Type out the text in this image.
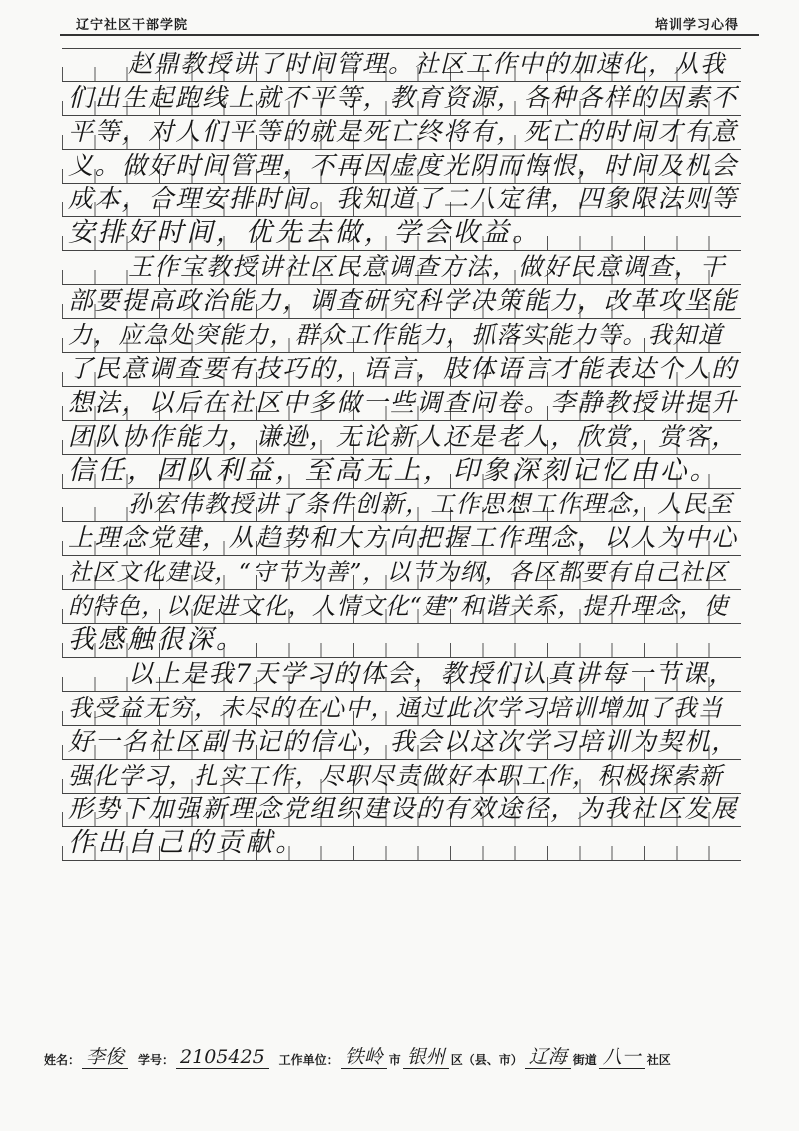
辽宁社区干部学院	培训学习心得
赵鼎教授讲了时间管理。社区工作中的加速化，从我
们出生起跑线上就不平等，教育资源，各种各样的因素不
平等，对人们平等的就是死亡终将有，死亡的时间才有意
义。做好时间管理，不再因虚度光阴而悔恨，时间及机会
成本，合理安排时间。我知道了二八定律，四象限法则等
安排好时间，优先去做，学会收益。
王作宝教授讲社区民意调查方法，做好民意调查，干
部要提高政治能力，调查研究科学决策能力，改革攻坚能
力，应急处突能力，群众工作能力，抓落实能力等。我知道
了民意调查要有技巧的，语言，肢体语言才能表达个人的
想法，以后在社区中多做一些调查问卷。李静教授讲提升
团队协作能力，谦逊，无论新人还是老人，欣赏，赏客，
信任，团队利益，至高无上，印象深刻记忆由心。
孙宏伟教授讲了条件创新，工作思想工作理念，人民至
上理念党建，从趋势和大方向把握工作理念，以人为中心
社区文化建设，“守节为善”，以节为纲，各区都要有自己社区
的特色，以促进文化，人情文化“建”和谐关系，提升理念，使
我感触很深。
以上是我7天学习的体会，教授们认真讲每一节课，
我受益无穷，未尽的在心中，通过此次学习培训增加了我当
好一名社区副书记的信心，我会以这次学习培训为契机，
强化学习，扎实工作，尽职尽责做好本职工作，积极探索新
形势下加强新理念党组织建设的有效途径，为我社区发展
作出自己的贡献。
姓名： 李俊	学号： 2105425	工作单位： 铁岭 市 银州 区（县、市） 辽海 街道 八一 社区
